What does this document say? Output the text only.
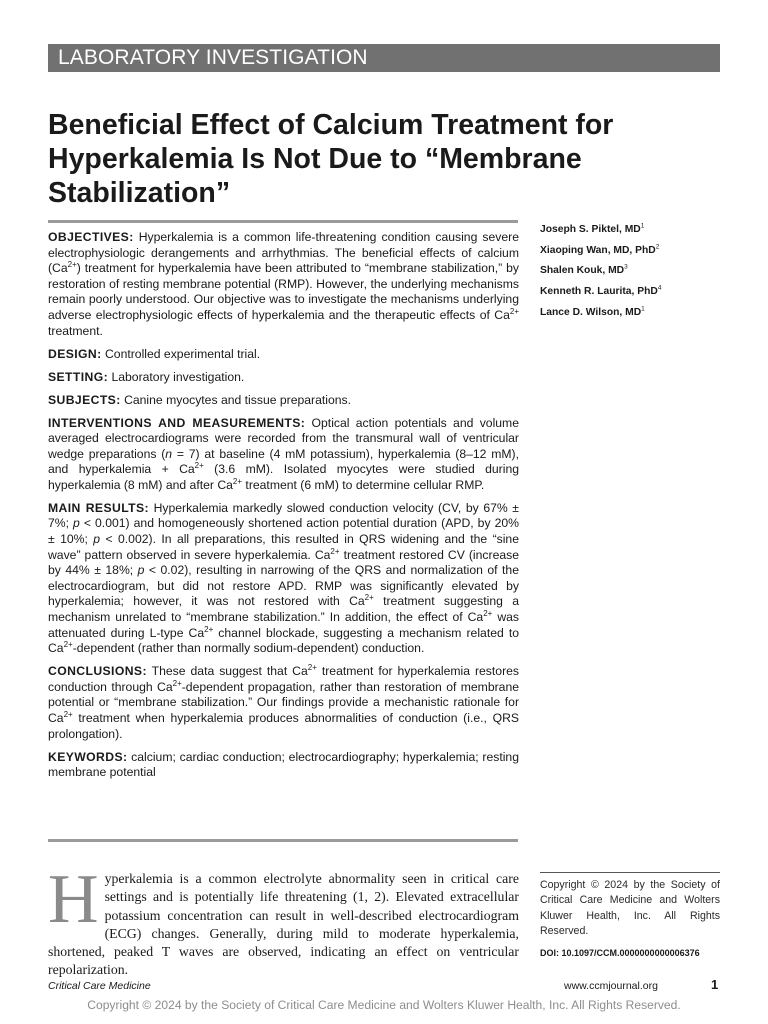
LABORATORY INVESTIGATION
Beneficial Effect of Calcium Treatment for Hyperkalemia Is Not Due to “Membrane Stabilization”

OBJECTIVES: Hyperkalemia is a common life-threatening condition causing severe electrophysiologic derangements and arrhythmias. The beneficial effects of calcium $(Ca^{2+})$ treatment for hyperkalemia have been attributed to “membrane stabilization,” by restoration of resting membrane potential (RMP). However, the underlying mechanisms remain poorly understood. Our objective was to investigate the mechanisms underlying adverse electrophysiologic effects of hyperkalemia and the therapeutic effects of $Ca^{2+}$ treatment.

DESIGN: Controlled experimental trial.

SETTING: Laboratory investigation.

SUBJECTS: Canine myocytes and tissue preparations.

INTERVENTIONS AND MEASUREMENTS: Optical action potentials and volume averaged electrocardiograms were recorded from the transmural wall of ventricular wedge preparations (n = 7) at baseline (4 mM potassium), hyperkalemia (8–12 mM), and hyperkalemia + $Ca^{2+}$ (3.6 mM). Isolated myocytes were studied during hyperkalemia (8 mM) and after $Ca^{2+}$ treatment (6 mM) to determine cellular RMP.

MAIN RESULTS: Hyperkalemia markedly slowed conduction velocity (CV, by 67% ± 7%; p < 0.001) and homogeneously shortened action potential duration (APD, by 20% ± 10%; p < 0.002). In all preparations, this resulted in QRS widening and the “sine wave” pattern observed in severe hyperkalemia. $Ca^{2+}$ treatment restored CV (increase by 44% ± 18%; p < 0.02), resulting in narrowing of the QRS and normalization of the electrocardiogram, but did not restore APD. RMP was significantly elevated by hyperkalemia; however, it was not restored with $Ca^{2+}$ treatment suggesting a mechanism unrelated to “membrane stabilization.” In addition, the effect of $Ca^{2+}$ was attenuated during L-type $Ca^{2+}$ channel blockade, suggesting a mechanism related to $Ca^{2+}$-dependent (rather than normally sodium-dependent) conduction.

CONCLUSIONS: These data suggest that $Ca^{2+}$ treatment for hyperkalemia restores conduction through $Ca^{2+}$-dependent propagation, rather than restoration of membrane potential or “membrane stabilization.” Our findings provide a mechanistic rationale for $Ca^{2+}$ treatment when hyperkalemia produces abnormalities of conduction (i.e., QRS prolongation).

KEYWORDS: calcium; cardiac conduction; electrocardiography; hyperkalemia; resting membrane potential

Joseph S. Piktel, $MD^1$
Xiaoping Wan, MD, PhD$^2$
Shalen Kouk, $MD^3$
Kenneth R. Laurita, PhD$^4$
Lance D. Wilson, $MD^1$
Hyperkalemia is a common electrolyte abnormality seen in critical care settings and is potentially life threatening (1, 2). Elevated extracellular potassium concentration can result in well-described electrocardiogram (ECG) changes. Generally, during mild to moderate hyperkalemia, shortened, peaked T waves are observed, indicating an effect on ventricular repolarization.
Copyright © 2024 by the Society of Critical Care Medicine and Wolters Kluwer Health, Inc. All Rights Reserved.
DOI: 10.1097/CCM.0000000000006376
Critical Care Medicine	www.ccmjournal.org	1
Copyright © 2024 by the Society of Critical Care Medicine and Wolters Kluwer Health, Inc. All Rights Reserved.
